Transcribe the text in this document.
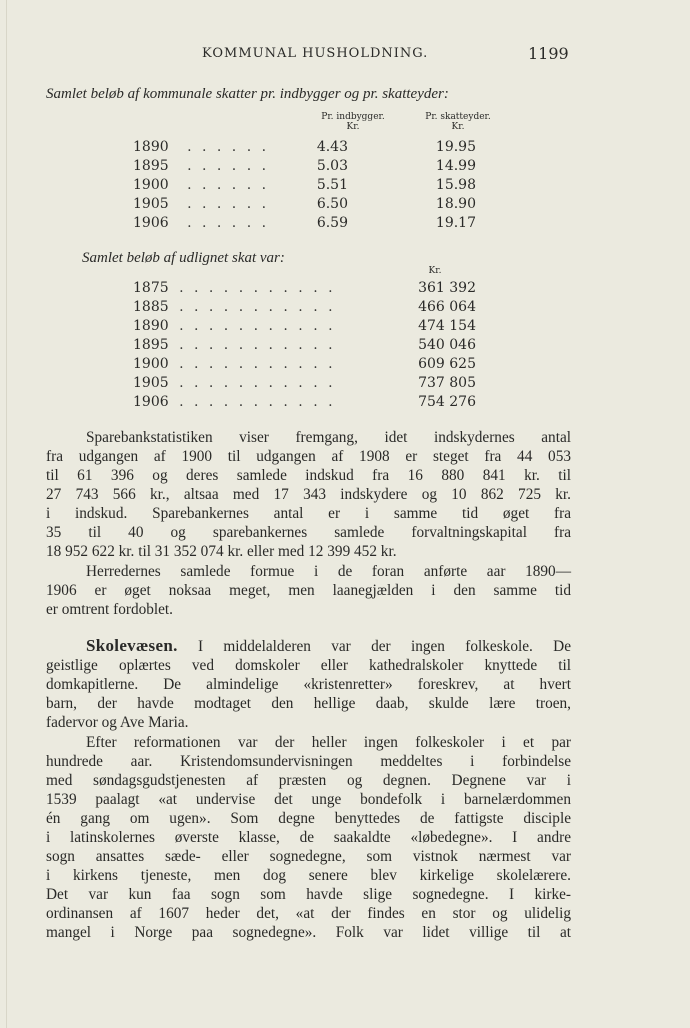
KOMMUNAL HUSHOLDNING.	1199
Samlet beløb af kommunale skatter pr. indbygger og pr. skatteyder:
Pr. indbygger.
Kr.
Pr. skatteyder.
Kr.
1890 . . . . . .	4.43	19.95
1895 . . . . . .	5.03	14.99
1900 . . . . . .	5.51	15.98
1905 . . . . . .	6.50	18.90
1906 . . . . . .	6.59	19.17
Samlet beløb af udlignet skat var:
Kr.
1875 . . . . . . . . . . .	361 392
1885 . . . . . . . . . . .	466 064
1890 . . . . . . . . . . .	474 154
1895 . . . . . . . . . . .	540 046
1900 . . . . . . . . . . .	609 625
1905 . . . . . . . . . . .	737 805
1906 . . . . . . . . . . .	754 276
Sparebankstatistiken viser fremgang, idet indskydernes antal
fra udgangen af 1900 til udgangen af 1908 er steget fra 44 053
til 61 396 og deres samlede indskud fra 16 880 841 kr. til
27 743 566 kr., altsaa med 17 343 indskydere og 10 862 725 kr.
i indskud. Sparebankernes antal er i samme tid øget fra
35 til 40 og sparebankernes samlede forvaltningskapital fra
18 952 622 kr. til 31 352 074 kr. eller med 12 399 452 kr.
Herredernes samlede formue i de foran anførte aar 1890—
1906 er øget noksaa meget, men laanegjælden i den samme tid
er omtrent fordoblet.
Skolevæsen. I middelalderen var der ingen folkeskole. De
geistlige oplærtes ved domskoler eller kathedralskoler knyttede til
domkapitlerne. De almindelige «kristenretter» foreskrev, at hvert
barn, der havde modtaget den hellige daab, skulde lære troen,
fadervor og Ave Maria.
Efter reformationen var der heller ingen folkeskoler i et par
hundrede aar. Kristendomsundervisningen meddeltes i forbindelse
med søndagsgudstjenesten af præsten og degnen. Degnene var i
1539 paalagt «at undervise det unge bondefolk i barnelærdommen
én gang om ugen». Som degne benyttedes de fattigste disciple
i latinskolernes øverste klasse, de saakaldte «løbedegne». I andre
sogn ansattes sæde- eller sognedegne, som vistnok nærmest var
i kirkens tjeneste, men dog senere blev kirkelige skolelærere.
Det var kun faa sogn som havde slige sognedegne. I kirke-
ordinansen af 1607 heder det, «at der findes en stor og ulidelig
mangel i Norge paa sognedegne». Folk var lidet villige til at
